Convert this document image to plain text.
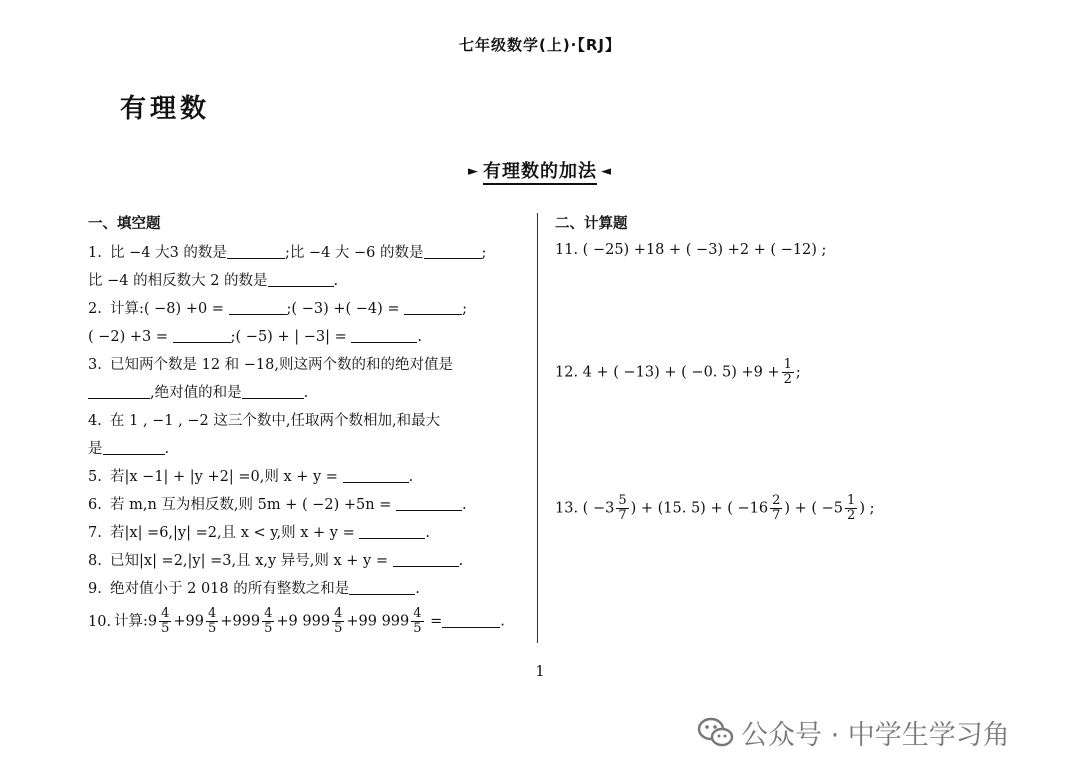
七年级数学(上)·【RJ】
有理数
► 有理数的加法 ◄
一、填空题
1. 比 −4 大3 的数是	;比 −4 大 −6 的数是	;
比 −4 的相反数大 2 的数是	.
2. 计算:( −8) +0 =	;( −3) +( −4) =	;
( −2) +3 =	;( −5) + | −3| =	.
3. 已知两个数是 12 和 −18,则这两个数的和的绝对值是
,绝对值的和是	.
4. 在 1 , −1 , −2 这三个数中,任取两个数相加,和最大
是	.
5. 若|x −1| + |y +2| =0,则 x + y =	.
6. 若 m,n 互为相反数,则 5m + ( −2) +5n =	.
7. 若|x| =6,|y| =2,且 x < y,则 x + y =	.
8. 已知|x| =2,|y| =3,且 x,y 异号,则 x + y =	.
9. 绝对值小于 2 018 的所有整数之和是	.
10. 计算:9 $\frac{4}{5} +99 \frac{4}{5} +999 \frac{4}{5} +9$ $999 \frac{4}{5} +99$ $999 \frac{4}{5}$ =	.
二、计算题
11. ( −25) +18 + ( −3) +2 + ( −12) ;
12. 4 + ( −13) + ( −0. $5) +9 + \frac{1}{2}$ ;
13. ( $-3 \frac{5}{7}$ ) + (15. 5) + ( $-16 \frac{2}{7}$ ) + ( $-5 \frac{1}{2}$ ) ;
1
公众号 · 中学生学习角
